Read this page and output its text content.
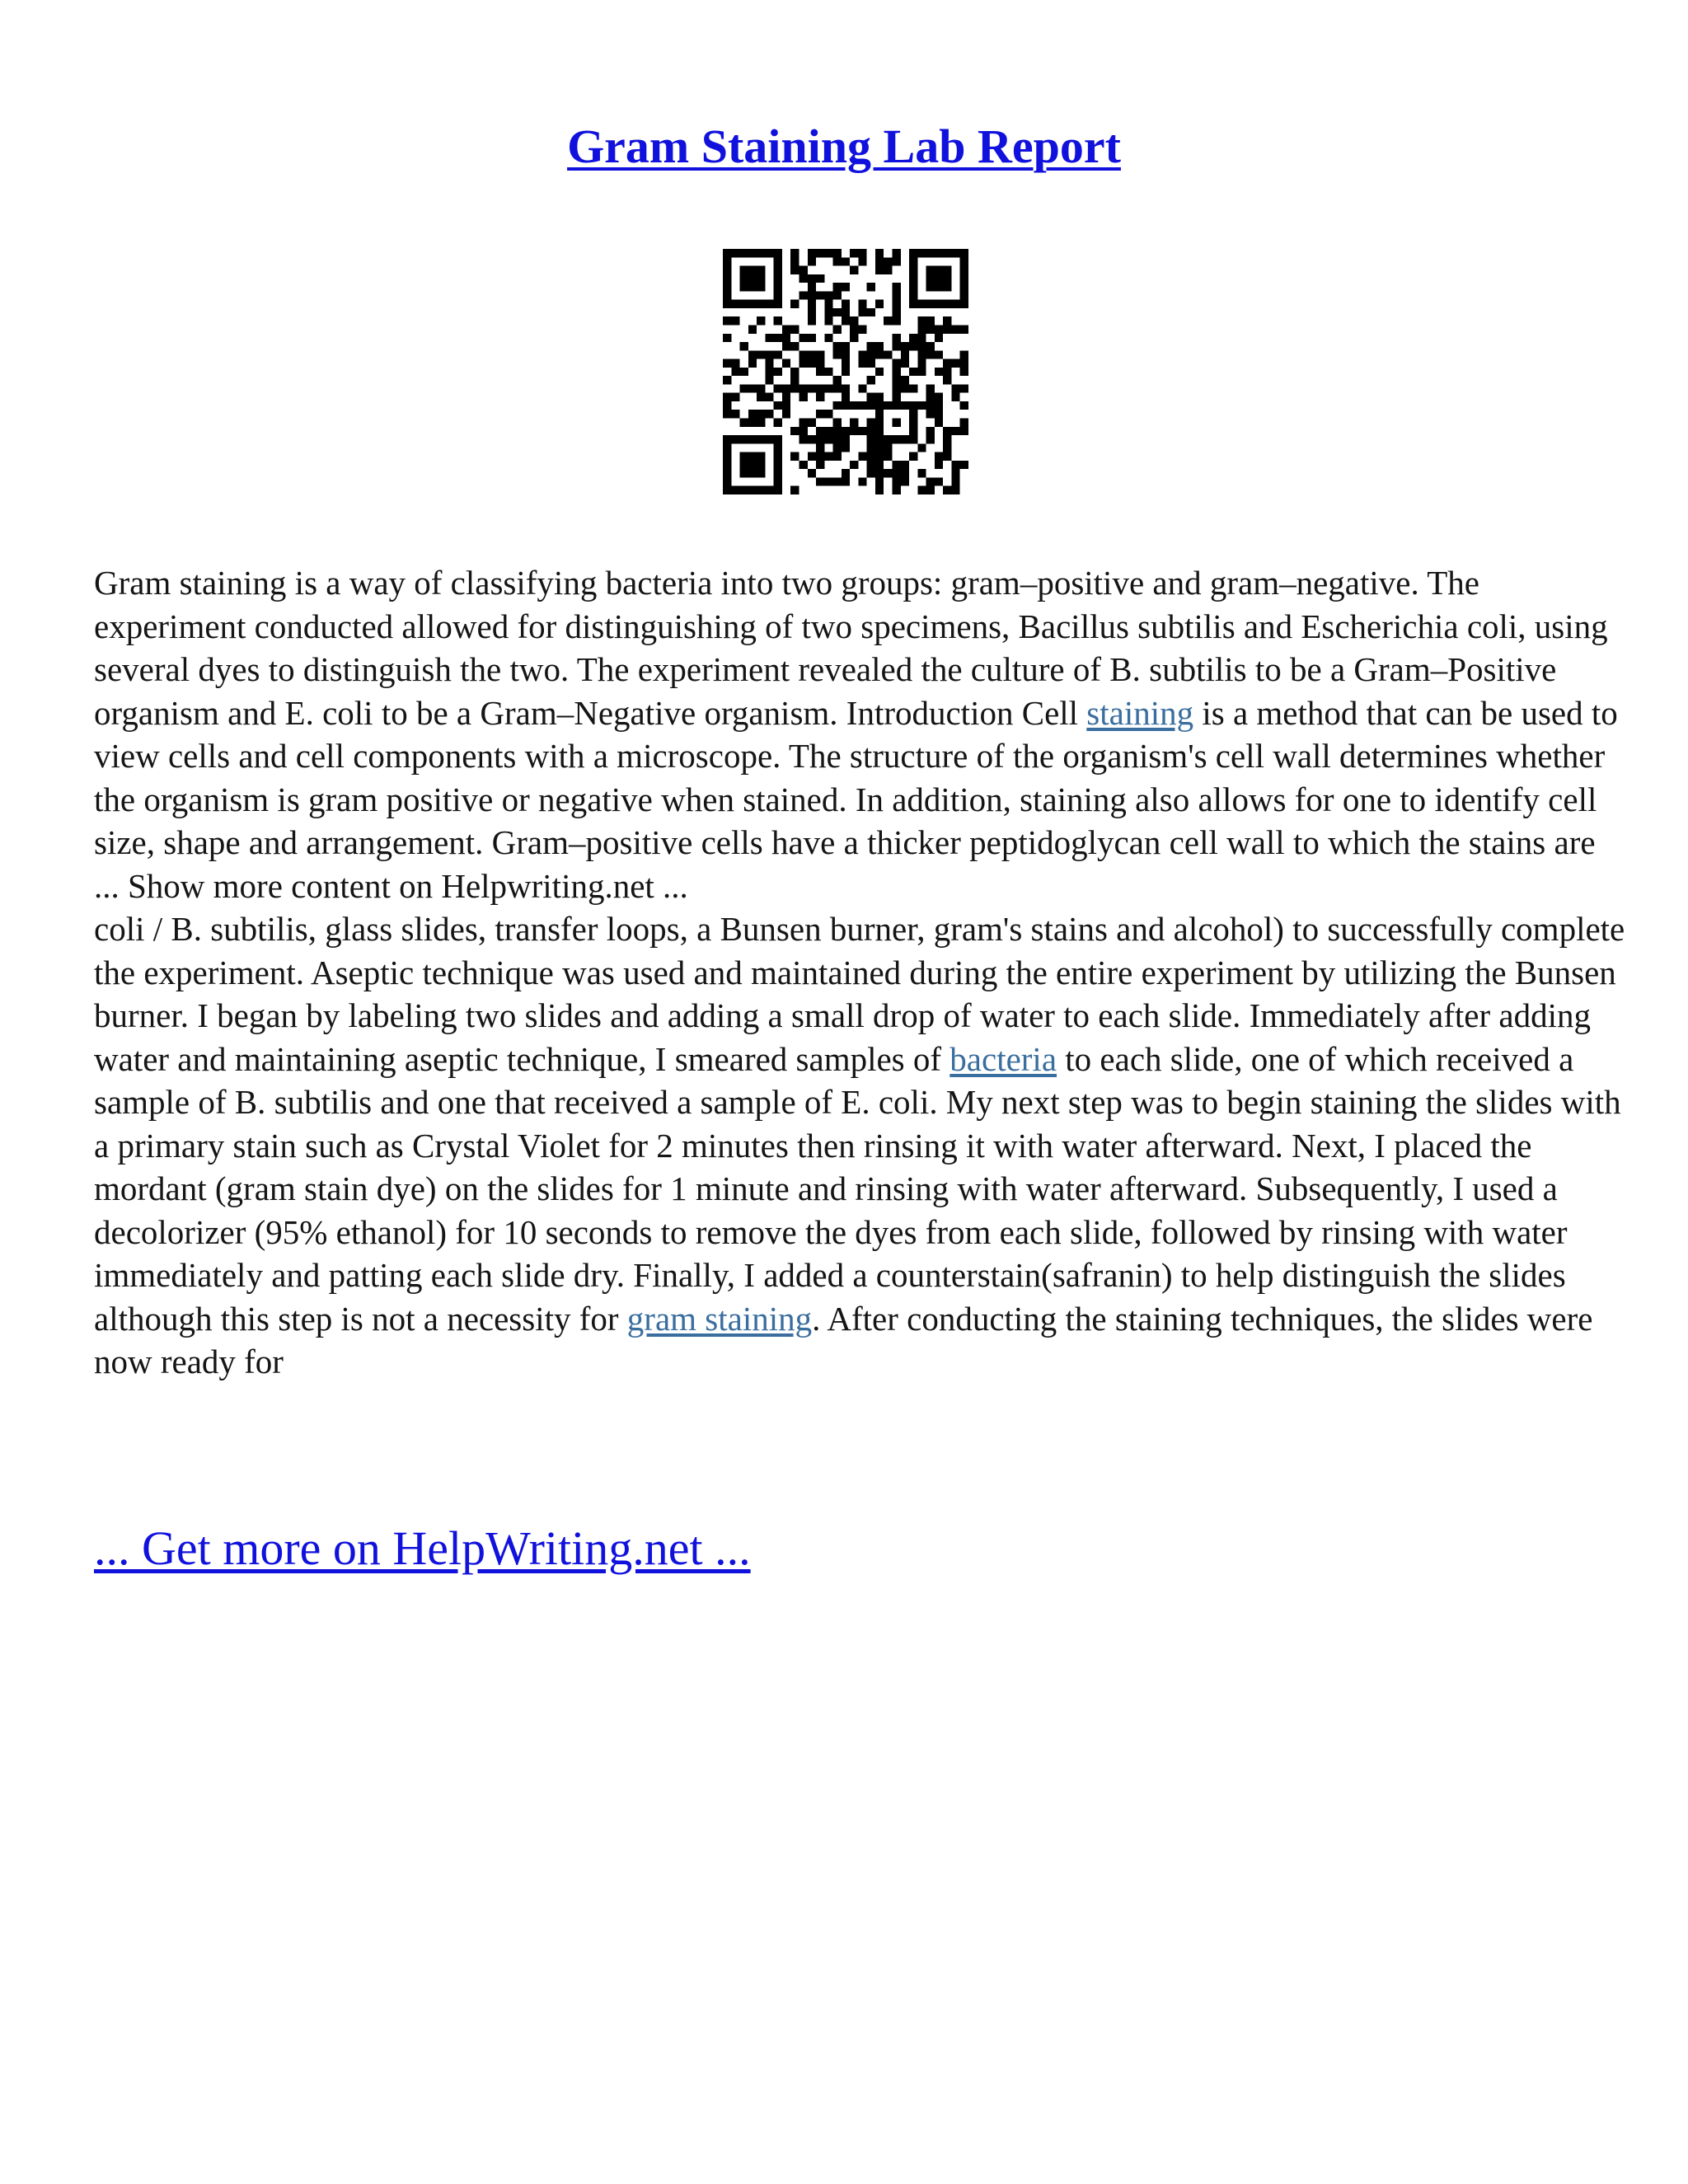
Gram Staining Lab Report

Gram staining is a way of classifying bacteria into two groups: gram–positive and gram–negative. The experiment conducted allowed for distinguishing of two specimens, Bacillus subtilis and Escherichia coli, using several dyes to distinguish the two. The experiment revealed the culture of B. subtilis to be a Gram–Positive organism and E. coli to be a Gram–Negative organism. Introduction Cell staining is a method that can be used to view cells and cell components with a microscope. The structure of the organism's cell wall determines whether the organism is gram positive or negative when stained. In addition, staining also allows for one to identify cell size, shape and arrangement. Gram–positive cells have a thicker peptidoglycan cell wall to which the stains are ... Show more content on Helpwriting.net ...

coli / B. subtilis, glass slides, transfer loops, a Bunsen burner, gram's stains and alcohol) to successfully complete the experiment. Aseptic technique was used and maintained during the entire experiment by utilizing the Bunsen burner. I began by labeling two slides and adding a small drop of water to each slide. Immediately after adding water and maintaining aseptic technique, I smeared samples of bacteria to each slide, one of which received a sample of B. subtilis and one that received a sample of E. coli. My next step was to begin staining the slides with a primary stain such as Crystal Violet for 2 minutes then rinsing it with water afterward. Next, I placed the mordant (gram stain dye) on the slides for 1 minute and rinsing with water afterward. Subsequently, I used a decolorizer (95% ethanol) for 10 seconds to remove the dyes from each slide, followed by rinsing with water immediately and patting each slide dry. Finally, I added a counterstain(safranin) to help distinguish the slides although this step is not a necessity for gram staining. After conducting the staining techniques, the slides were now ready for

... Get more on HelpWriting.net ...
